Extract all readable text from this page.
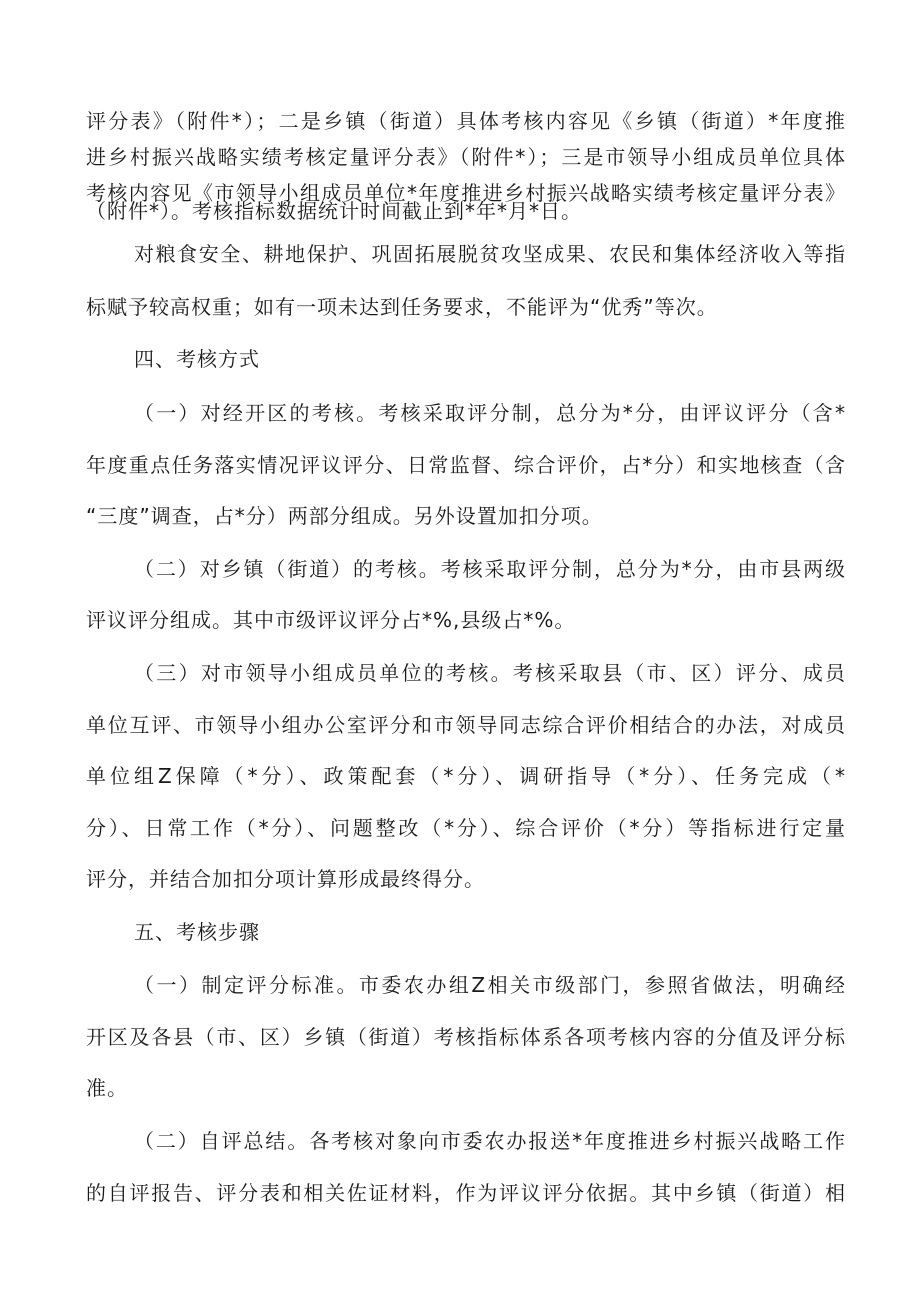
评分表》（附件*）；二是乡镇（街道）具体考核内容见《乡镇（街道）*年度推
进乡村振兴战略实绩考核定量评分表》（附件*）；三是市领导小组成员单位具体
考核内容见《市领导小组成员单位*年度推进乡村振兴战略实绩考核定量评分表》
（附件*）。考核指标数据统计时间截止到*年*月*日。
对粮食安全、耕地保护、巩固拓展脱贫攻坚成果、农民和集体经济收入等指
标赋予较高权重；如有一项未达到任务要求，不能评为“优秀”等次。
四、考核方式
（一）对经开区的考核。考核采取评分制，总分为*分，由评议评分（含*
年度重点任务落实情况评议评分、日常监督、综合评价，占*分）和实地核查（含
“三度”调查，占*分）两部分组成。另外设置加扣分项。
（二）对乡镇（街道）的考核。考核采取评分制，总分为*分，由市县两级
评议评分组成。其中市级评议评分占*%,县级占*%。
（三）对市领导小组成员单位的考核。考核采取县（市、区）评分、成员
单位互评、市领导小组办公室评分和市领导同志综合评价相结合的办法，对成员
单位组Z保障（*分）、政策配套（*分）、调研指导（*分）、任务完成（*
分）、日常工作（*分）、问题整改（*分）、综合评价（*分）等指标进行定量
评分，并结合加扣分项计算形成最终得分。
五、考核步骤
（一）制定评分标准。市委农办组Z相关市级部门，参照省做法，明确经
开区及各县（市、区）乡镇（街道）考核指标体系各项考核内容的分值及评分标
准。
（二）自评总结。各考核对象向市委农办报送*年度推进乡村振兴战略工作
的自评报告、评分表和相关佐证材料，作为评议评分依据。其中乡镇（街道）相
